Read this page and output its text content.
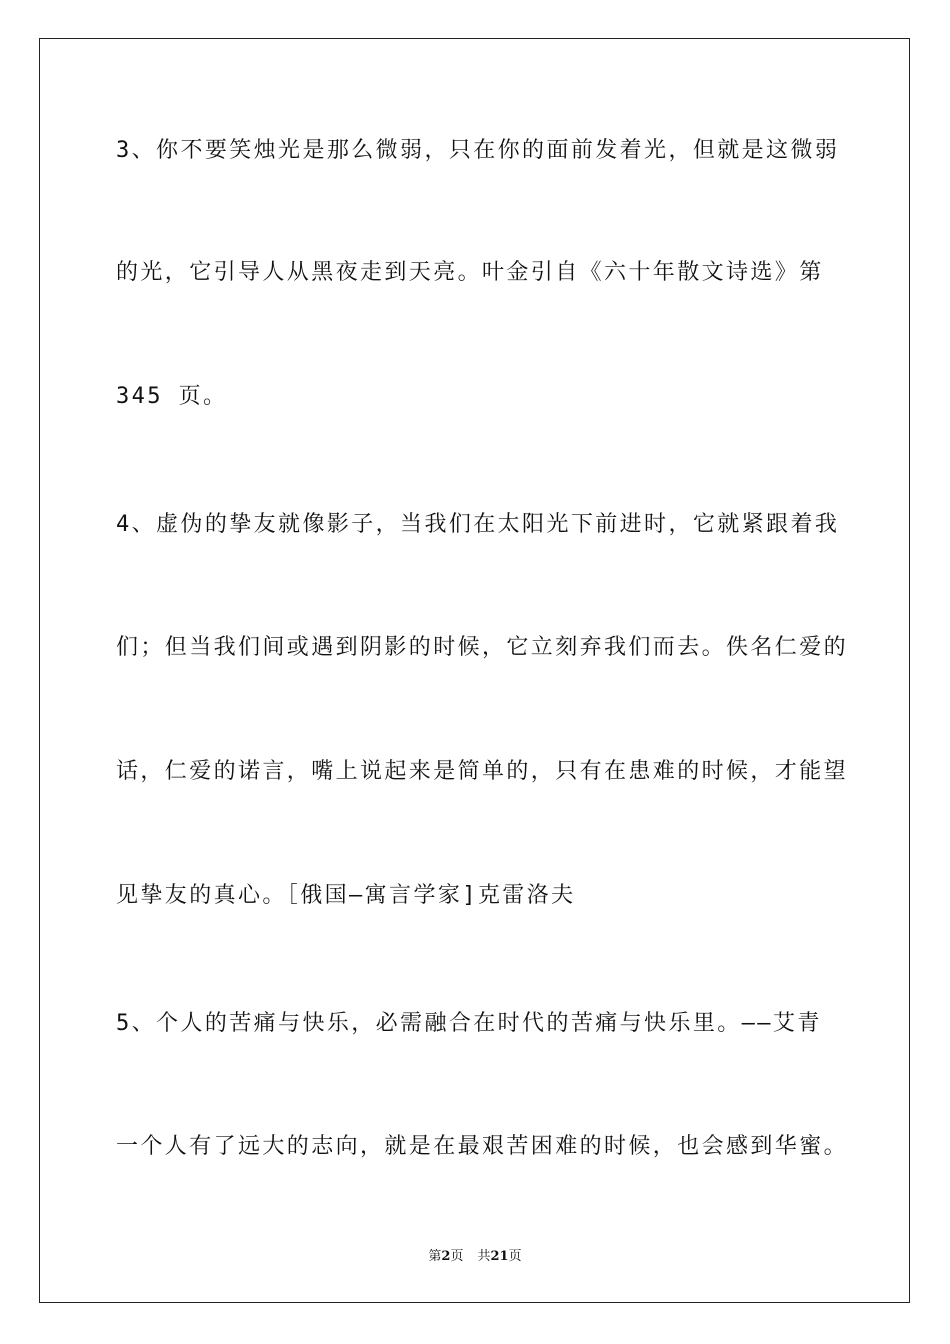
3、你不要笑烛光是那么微弱，只在你的面前发着光，但就是这微弱
的光，它引导人从黑夜走到天亮。叶金引自《六十年散文诗选》第
345 页。
4、虚伪的挚友就像影子，当我们在太阳光下前进时，它就紧跟着我
们；但当我们间或遇到阴影的时候，它立刻弃我们而去。佚名仁爱的
话，仁爱的诺言，嘴上说起来是简单的，只有在患难的时候，才能望
见挚友的真心。［俄国—寓言学家]克雷洛夫
5、个人的苦痛与快乐，必需融合在时代的苦痛与快乐里。——艾青
一个人有了远大的志向，就是在最艰苦困难的时候，也会感到华蜜。
第2页 共21页
